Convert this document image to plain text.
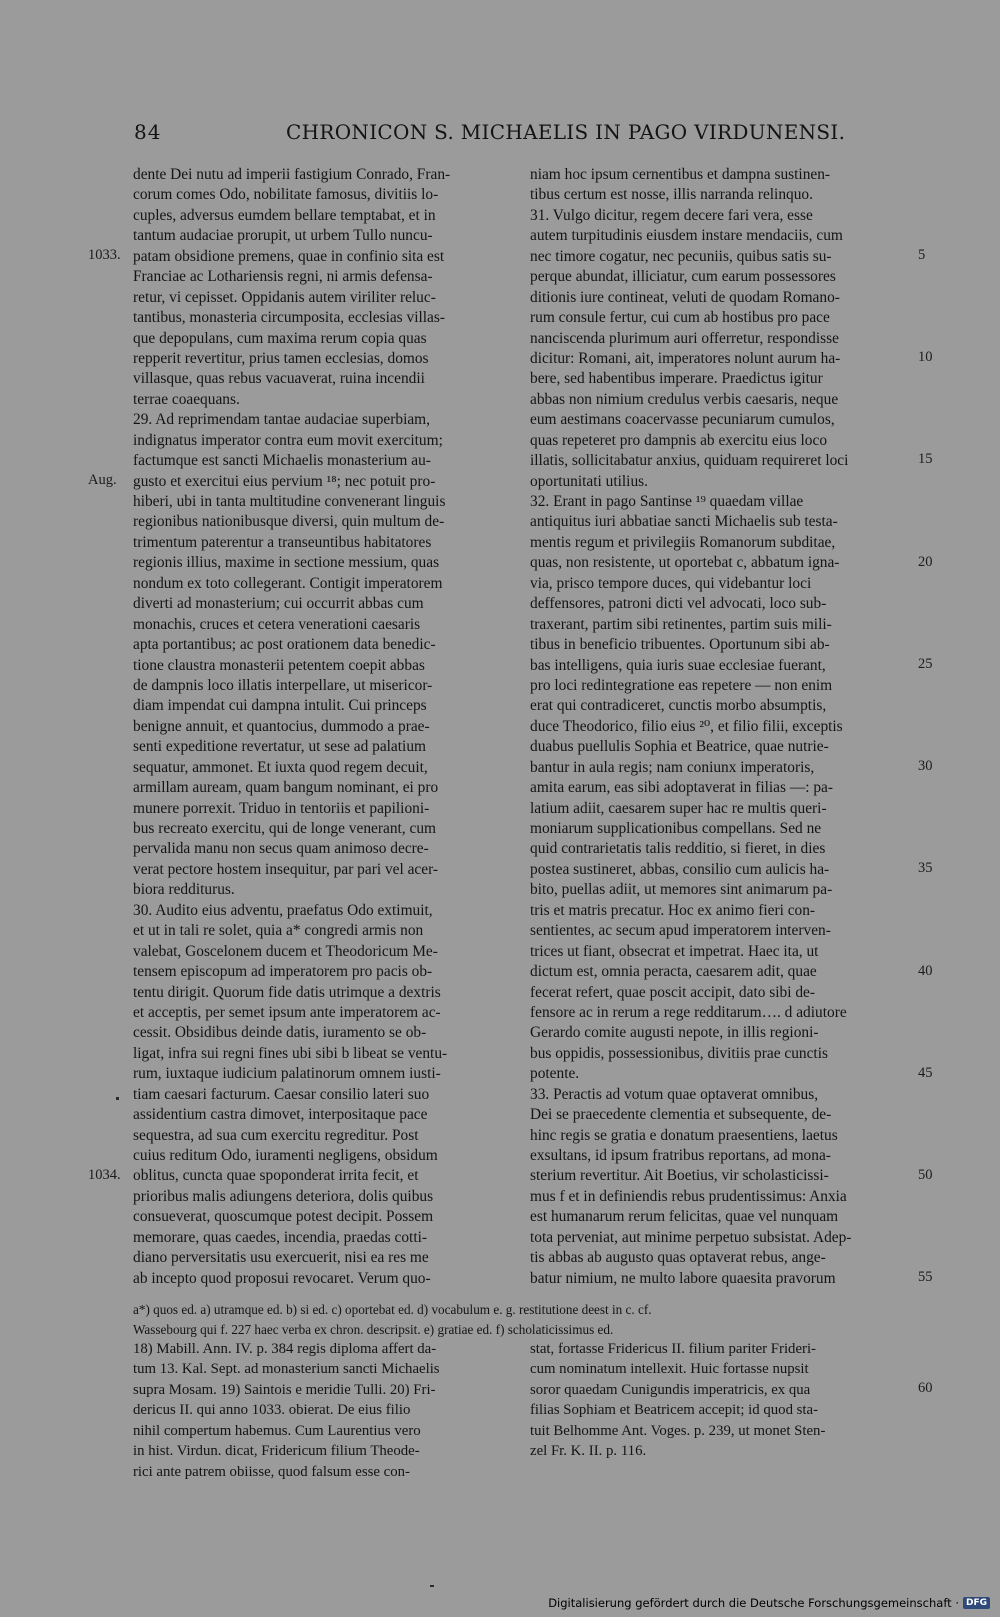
84	CHRONICON S. MICHAELIS IN PAGO VIRDUNENSI.
dente Dei nutu ad imperii fastigium Conrado, Fran-
corum comes Odo, nobilitate famosus, divitiis lo-
cuples, adversus eumdem bellare temptabat, et in
tantum audaciae prorupit, ut urbem Tullo nuncu-
patam obsidione premens, quae in confinio sita est
Franciae ac Lothariensis regni, ni armis defensa-
retur, vi cepisset. Oppidanis autem viriliter reluc-
tantibus, monasteria circumposita, ecclesias villas-
que depopulans, cum maxima rerum copia quas
repperit revertitur, prius tamen ecclesias, domos
villasque, quas rebus vacuaverat, ruina incendii
terrae coaequans.
29. Ad reprimendam tantae audaciae superbiam,
indignatus imperator contra eum movit exercitum;
factumque est sancti Michaelis monasterium au-
gusto et exercitui eius pervium ¹⁸; nec potuit pro-
hiberi, ubi in tanta multitudine convenerant linguis
regionibus nationibusque diversi, quin multum de-
trimentum paterentur a transeuntibus habitatores
regionis illius, maxime in sectione messium, quas
nondum ex toto collegerant. Contigit imperatorem
diverti ad monasterium; cui occurrit abbas cum
monachis, cruces et cetera venerationi caesaris
apta portantibus; ac post orationem data benedic-
tione claustra monasterii petentem coepit abbas
de dampnis loco illatis interpellare, ut misericor-
diam impendat cui dampna intulit. Cui princeps
benigne annuit, et quantocius, dummodo a prae-
senti expeditione revertatur, ut sese ad palatium
sequatur, ammonet. Et iuxta quod regem decuit,
armillam auream, quam bangum nominant, ei pro
munere porrexit. Triduo in tentoriis et papilioni-
bus recreato exercitu, qui de longe venerant, cum
pervalida manu non secus quam animoso decre-
verat pectore hostem insequitur, par pari vel acer-
biora redditurus.
30. Audito eius adventu, praefatus Odo extimuit,
et ut in tali re solet, quia a* congredi armis non
valebat, Goscelonem ducem et Theodoricum Me-
tensem episcopum ad imperatorem pro pacis ob-
tentu dirigit. Quorum fide datis utrimque a dextris
et acceptis, per semet ipsum ante imperatorem ac-
cessit. Obsidibus deinde datis, iuramento se ob-
ligat, infra sui regni fines ubi sibi b libeat se ventu-
rum, iuxtaque iudicium palatinorum omnem iusti-
tiam caesari facturum. Caesar consilio lateri suo
assidentium castra dimovet, interpositaque pace
sequestra, ad sua cum exercitu regreditur. Post
cuius reditum Odo, iuramenti negligens, obsidum
oblitus, cuncta quae spoponderat irrita fecit, et
prioribus malis adiungens deteriora, dolis quibus
consueverat, quoscumque potest decipit. Possem
memorare, quas caedes, incendia, praedas cotti-
diano perversitatis usu exercuerit, nisi ea res me
ab incepto quod proposui revocaret. Verum quo-
niam hoc ipsum cernentibus et dampna sustinen-
tibus certum est nosse, illis narranda relinquo.
31. Vulgo dicitur, regem decere fari vera, esse
autem turpitudinis eiusdem instare mendaciis, cum
nec timore cogatur, nec pecuniis, quibus satis su-
perque abundat, illiciatur, cum earum possessores
ditionis iure contineat, veluti de quodam Romano-
rum consule fertur, cui cum ab hostibus pro pace
nanciscenda plurimum auri offerretur, respondisse
dicitur: Romani, ait, imperatores nolunt aurum ha-
bere, sed habentibus imperare. Praedictus igitur
abbas non nimium credulus verbis caesaris, neque
eum aestimans coacervasse pecuniarum cumulos,
quas repeteret pro dampnis ab exercitu eius loco
illatis, sollicitabatur anxius, quiduam requireret loci
oportunitati utilius.
32. Erant in pago Santinse ¹⁹ quaedam villae
antiquitus iuri abbatiae sancti Michaelis sub testa-
mentis regum et privilegiis Romanorum subditae,
quas, non resistente, ut oportebat c, abbatum igna-
via, prisco tempore duces, qui videbantur loci
deffensores, patroni dicti vel advocati, loco sub-
traxerant, partim sibi retinentes, partim suis mili-
tibus in beneficio tribuentes. Oportunum sibi ab-
bas intelligens, quia iuris suae ecclesiae fuerant,
pro loci redintegratione eas repetere — non enim
erat qui contradiceret, cunctis morbo absumptis,
duce Theodorico, filio eius ²⁰, et filio filii, exceptis
duabus puellulis Sophia et Beatrice, quae nutrie-
bantur in aula regis; nam coniunx imperatoris,
amita earum, eas sibi adoptaverat in filias —: pa-
latium adiit, caesarem super hac re multis queri-
moniarum supplicationibus compellans. Sed ne
quid contrarietatis talis redditio, si fieret, in dies
postea sustineret, abbas, consilio cum aulicis ha-
bito, puellas adiit, ut memores sint animarum pa-
tris et matris precatur. Hoc ex animo fieri con-
sentientes, ac secum apud imperatorem interven-
trices ut fiant, obsecrat et impetrat. Haec ita, ut
dictum est, omnia peracta, caesarem adit, quae
fecerat refert, quae poscit accipit, dato sibi de-
fensore ac in rerum a rege redditarum…. d adiutore
Gerardo comite augusti nepote, in illis regioni-
bus oppidis, possessionibus, divitiis prae cunctis
potente.
33. Peractis ad votum quae optaverat omnibus,
Dei se praecedente clementia et subsequente, de-
hinc regis se gratia e donatum praesentiens, laetus
exsultans, id ipsum fratribus reportans, ad mona-
sterium revertitur. Ait Boetius, vir scholasticissi-
mus f et in definiendis rebus prudentissimus: Anxia
est humanarum rerum felicitas, quae vel nunquam
tota perveniat, aut minime perpetuo subsistat. Adep-
tis abbas ab augusto quas optaverat rebus, ange-
batur nimium, ne multo labore quaesita pravorum
1033.
Aug.
1034.
5
10
15
20
25
30
35
40
45
50
55
a*) quos ed. a) utramque ed. b) si ed. c) oportebat ed. d) vocabulum e. g. restitutione deest in c. cf.
Wassebourg qui f. 227 haec verba ex chron. descripsit. e) gratiae ed. f) scholaticissimus ed.
18) Mabill. Ann. IV. p. 384 regis diploma affert da-
tum 13. Kal. Sept. ad monasterium sancti Michaelis
supra Mosam. 19) Saintois e meridie Tulli. 20) Fri-
dericus II. qui anno 1033. obierat. De eius filio
nihil compertum habemus. Cum Laurentius vero
in hist. Virdun. dicat, Fridericum filium Theode-
rici ante patrem obiisse, quod falsum esse con-
stat, fortasse Fridericus II. filium pariter Frideri-
cum nominatum intellexit. Huic fortasse nupsit
soror quaedam Cunigundis imperatricis, ex qua
filias Sophiam et Beatricem accepit; id quod sta-
tuit Belhomme Ant. Voges. p. 239, ut monet Sten-
zel Fr. K. II. p. 116.
60
Digitalisierung gefördert durch die Deutsche Forschungsgemeinschaft · DFG
